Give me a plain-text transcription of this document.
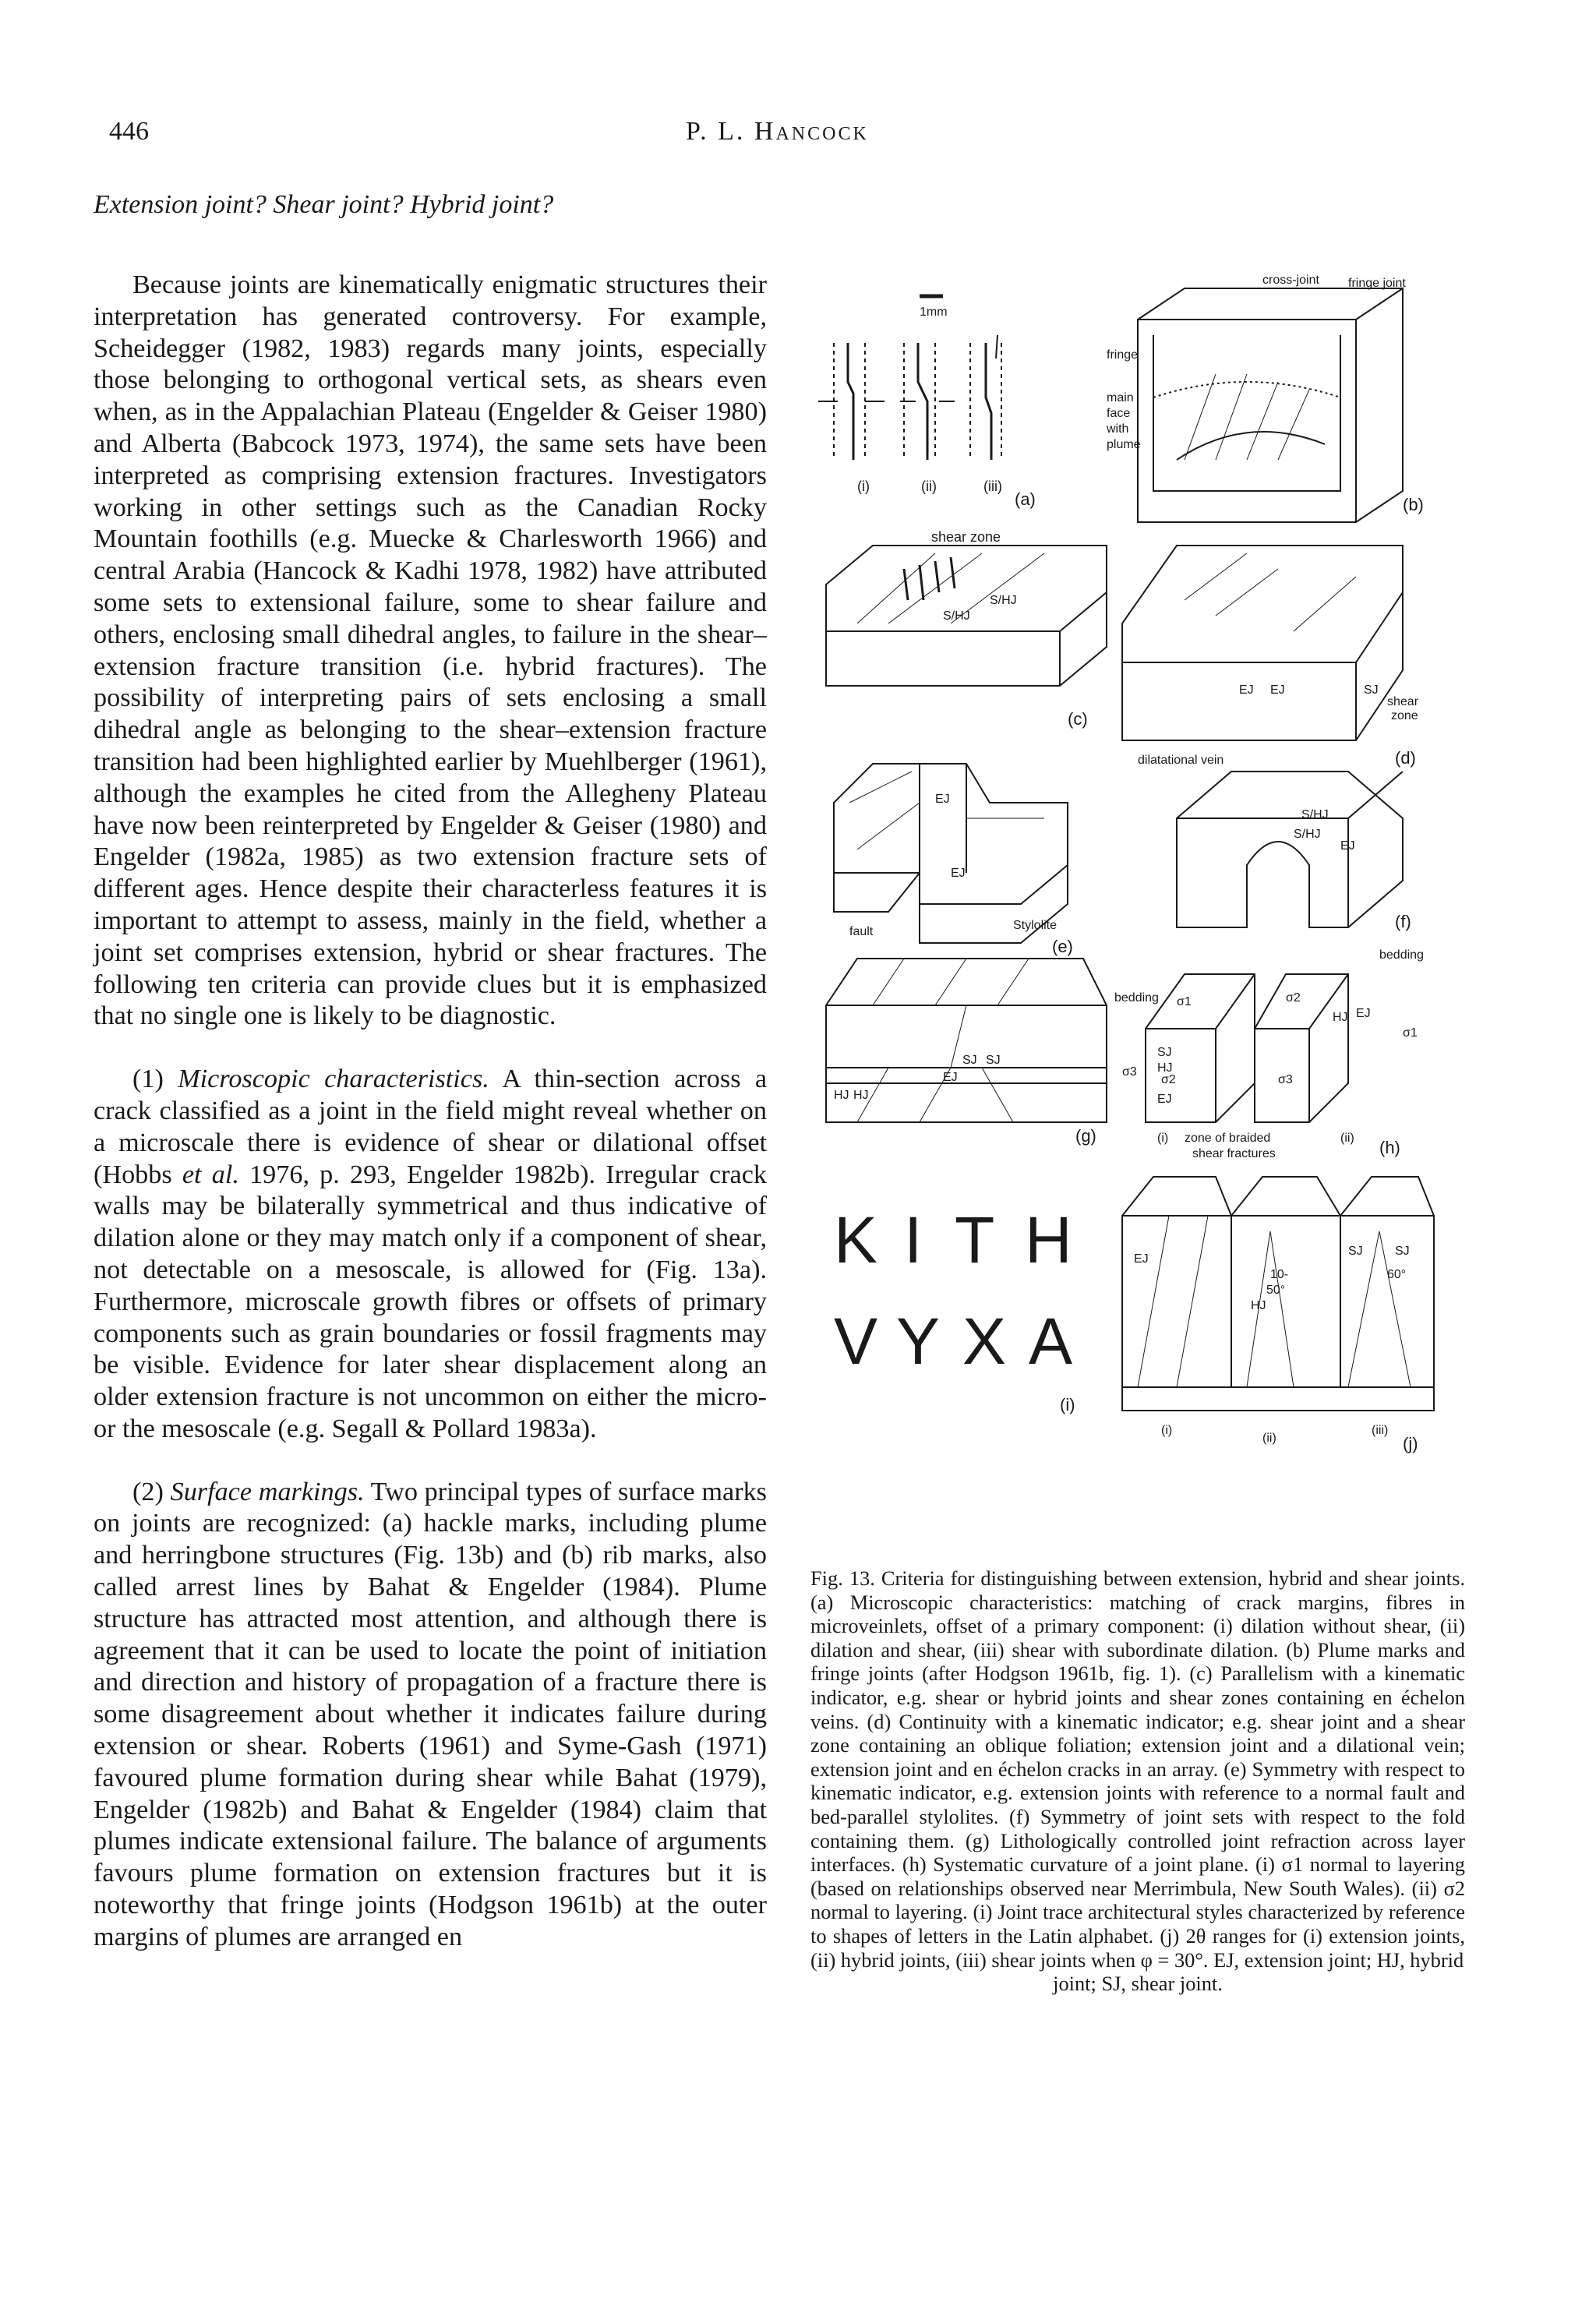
446	P. L. Hancock

Extension joint? Shear joint? Hybrid joint?

Because joints are kinematically enigmatic structures their interpretation has generated controversy. For example, Scheidegger (1982, 1983) regards many joints, especially those belonging to orthogonal vertical sets, as shears even when, as in the Appalachian Plateau (Engelder & Geiser 1980) and Alberta (Babcock 1973, 1974), the same sets have been interpreted as comprising extension fractures. Investigators working in other settings such as the Canadian Rocky Mountain foothills (e.g. Muecke & Charlesworth 1966) and central Arabia (Hancock & Kadhi 1978, 1982) have attributed some sets to extensional failure, some to shear failure and others, enclosing small dihedral angles, to failure in the shear–extension fracture transition (i.e. hybrid fractures). The possibility of interpreting pairs of sets enclosing a small dihedral angle as belonging to the shear–extension fracture transition had been highlighted earlier by Muehlberger (1961), although the examples he cited from the Allegheny Plateau have now been reinterpreted by Engelder & Geiser (1980) and Engelder (1982a, 1985) as two extension fracture sets of different ages. Hence despite their characterless features it is important to attempt to assess, mainly in the field, whether a joint set comprises extension, hybrid or shear fractures. The following ten criteria can provide clues but it is emphasized that no single one is likely to be diagnostic.

(1) Microscopic characteristics. A thin-section across a crack classified as a joint in the field might reveal whether on a microscale there is evidence of shear or dilational offset (Hobbs et al. 1976, p. 293, Engelder 1982b). Irregular crack walls may be bilaterally symmetrical and thus indicative of dilation alone or they may match only if a component of shear, not detectable on a mesoscale, is allowed for (Fig. 13a). Furthermore, microscale growth fibres or offsets of primary components such as grain boundaries or fossil fragments may be visible. Evidence for later shear displacement along an older extension fracture is not uncommon on either the micro- or the mesoscale (e.g. Segall & Pollard 1983a).

(2) Surface markings. Two principal types of surface marks on joints are recognized: (a) hackle marks, including plume and herringbone structures (Fig. 13b) and (b) rib marks, also called arrest lines by Bahat & Engelder (1984). Plume structure has attracted most attention, and although there is agreement that it can be used to locate the point of initiation and direction and history of propagation of a fracture there is some disagreement about whether it indicates failure during extension or shear. Roberts (1961) and Syme-Gash (1971) favoured plume formation during shear while Bahat (1979), Engelder (1982b) and Bahat & Engelder (1984) claim that plumes indicate extensional failure. The balance of arguments favours plume formation on extension fractures but it is noteworthy that fringe joints (Hodgson 1961b) at the outer margins of plumes are arranged en

(i)	(ii)	(iii)
(a)
cross-joint fringe joint
fringe
main
face
with
plume
(b)
shear zone
S/HJ
S/HJ
(c)
EJ EJ	SJ
shear
zone
dilatational vein	(d)
EJ
EJ
fault	Stylolite
(e)
S/HJ
S/HJ
EJ
(f)
SJ SJ
EJ
HJ HJ
(g)
bedding
bedding
σ1	σ2
σ1
σ3
σ2	σ3
SJ
HJ
HJ
EJ
EJ
(i) zone of braided
shear fractures
(ii) (h)
K I T H
V Y X A
(i)
EJ
10-
50°
HJ
SJ	SJ
60°
(i)
(ii)
(iii)
(j)
1mm
Fig. 13. Criteria for distinguishing between extension, hybrid and shear joints. (a) Microscopic characteristics: matching of crack margins, fibres in microveinlets, offset of a primary component: (i) dilation without shear, (ii) dilation and shear, (iii) shear with subordinate dilation. (b) Plume marks and fringe joints (after Hodgson 1961b, fig. 1). (c) Parallelism with a kinematic indicator, e.g. shear or hybrid joints and shear zones containing en échelon veins. (d) Continuity with a kinematic indicator; e.g. shear joint and a shear zone containing an oblique foliation; extension joint and a dilational vein; extension joint and en échelon cracks in an array. (e) Symmetry with respect to kinematic indicator, e.g. extension joints with reference to a normal fault and bed-parallel stylolites. (f) Symmetry of joint sets with respect to the fold containing them. (g) Lithologically controlled joint refraction across layer interfaces. (h) Systematic curvature of a joint plane. (i) σ1 normal to layering (based on relationships observed near Merrimbula, New South Wales). (ii) σ2 normal to layering. (i) Joint trace architectural styles characterized by reference to shapes of letters in the Latin alphabet. (j) 2θ ranges for (i) extension joints, (ii) hybrid joints, (iii) shear joints when φ = 30°. EJ, extension joint; HJ, hybrid
joint; SJ, shear joint.
